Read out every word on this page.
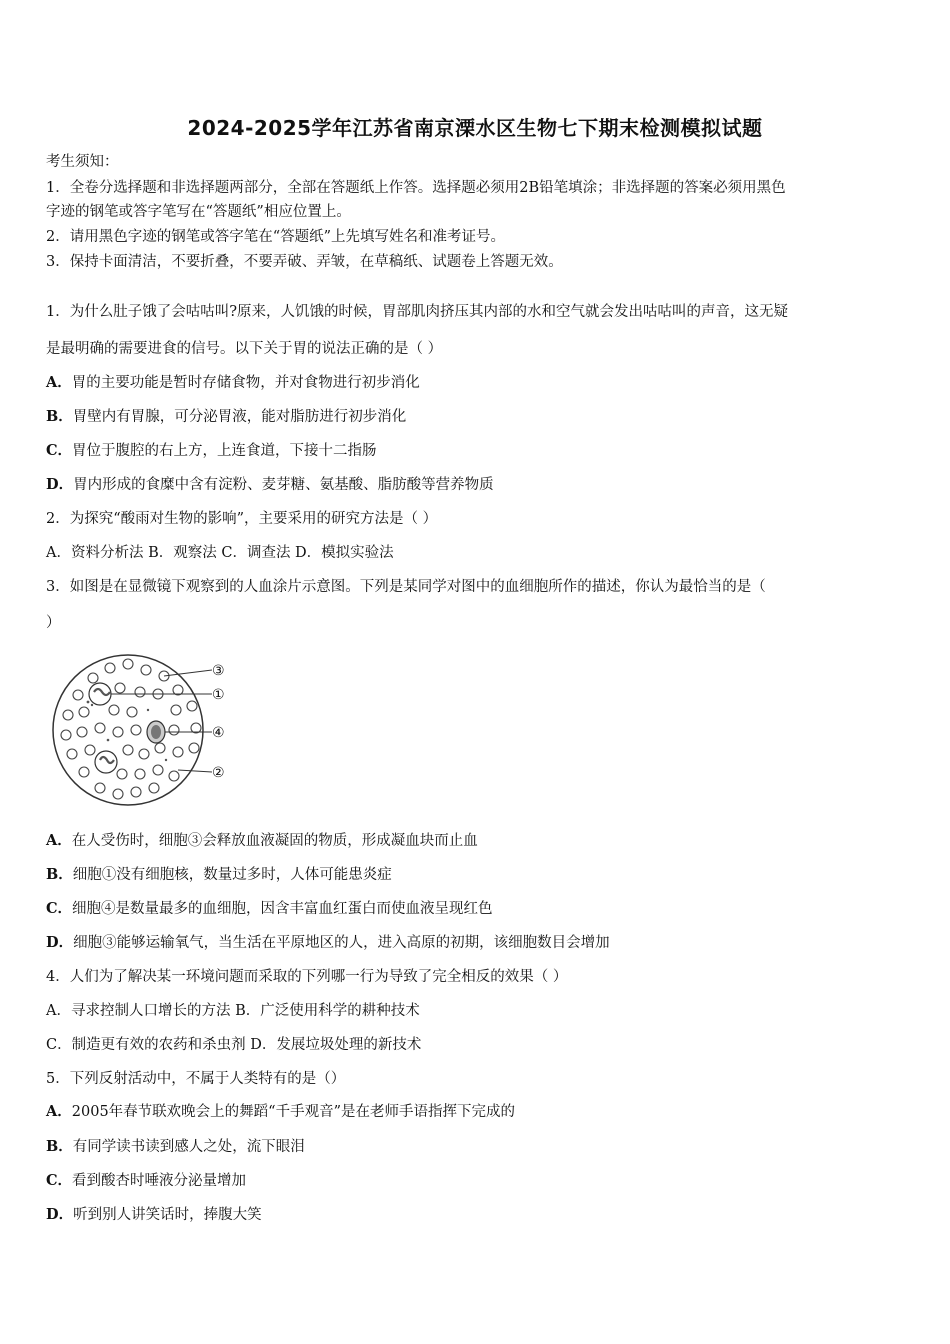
2024-2025学年江苏省南京溧水区生物七下期末检测模拟试题
考生须知：
1．全卷分选择题和非选择题两部分，全部在答题纸上作答。选择题必须用2B铅笔填涂；非选择题的答案必须用黑色
字迹的钢笔或答字笔写在“答题纸”相应位置上。
2．请用黑色字迹的钢笔或答字笔在“答题纸”上先填写姓名和准考证号。
3．保持卡面清洁，不要折叠，不要弄破、弄皱，在草稿纸、试题卷上答题无效。
1．为什么肚子饿了会咕咕叫?原来，人饥饿的时候，胃部肌肉挤压其内部的水和空气就会发出咕咕叫的声音，这无疑
是最明确的需要进食的信号。以下关于胃的说法正确的是（ ）
A．胃的主要功能是暂时存储食物，并对食物进行初步消化
B．胃壁内有胃腺，可分泌胃液，能对脂肪进行初步消化
C．胃位于腹腔的右上方，上连食道，下接十二指肠
D．胃内形成的食糜中含有淀粉、麦芽糖、氨基酸、脂肪酸等营养物质
2．为探究“酸雨对生物的影响”，主要采用的研究方法是（ ）
A．资料分析法 B．观察法 C．调查法 D．模拟实验法
3．如图是在显微镜下观察到的人血涂片示意图。下列是某同学对图中的血细胞所作的描述，你认为最恰当的是（
）
③
①
④
②
A．在人受伤时，细胞③会释放血液凝固的物质，形成凝血块而止血
B．细胞①没有细胞核，数量过多时，人体可能患炎症
C．细胞④是数量最多的血细胞，因含丰富血红蛋白而使血液呈现红色
D．细胞③能够运输氧气，当生活在平原地区的人，进入高原的初期，该细胞数目会增加
4．人们为了解决某一环境问题而采取的下列哪一行为导致了完全相反的效果（ ）
A．寻求控制人口增长的方法 B．广泛使用科学的耕种技术
C．制造更有效的农药和杀虫剂 D．发展垃圾处理的新技术
5．下列反射活动中，不属于人类特有的是（）
A．2005年春节联欢晚会上的舞蹈“千手观音”是在老师手语指挥下完成的
B．有同学读书读到感人之处，流下眼泪
C．看到酸杏时唾液分泌量增加
D．听到别人讲笑话时，捧腹大笑
